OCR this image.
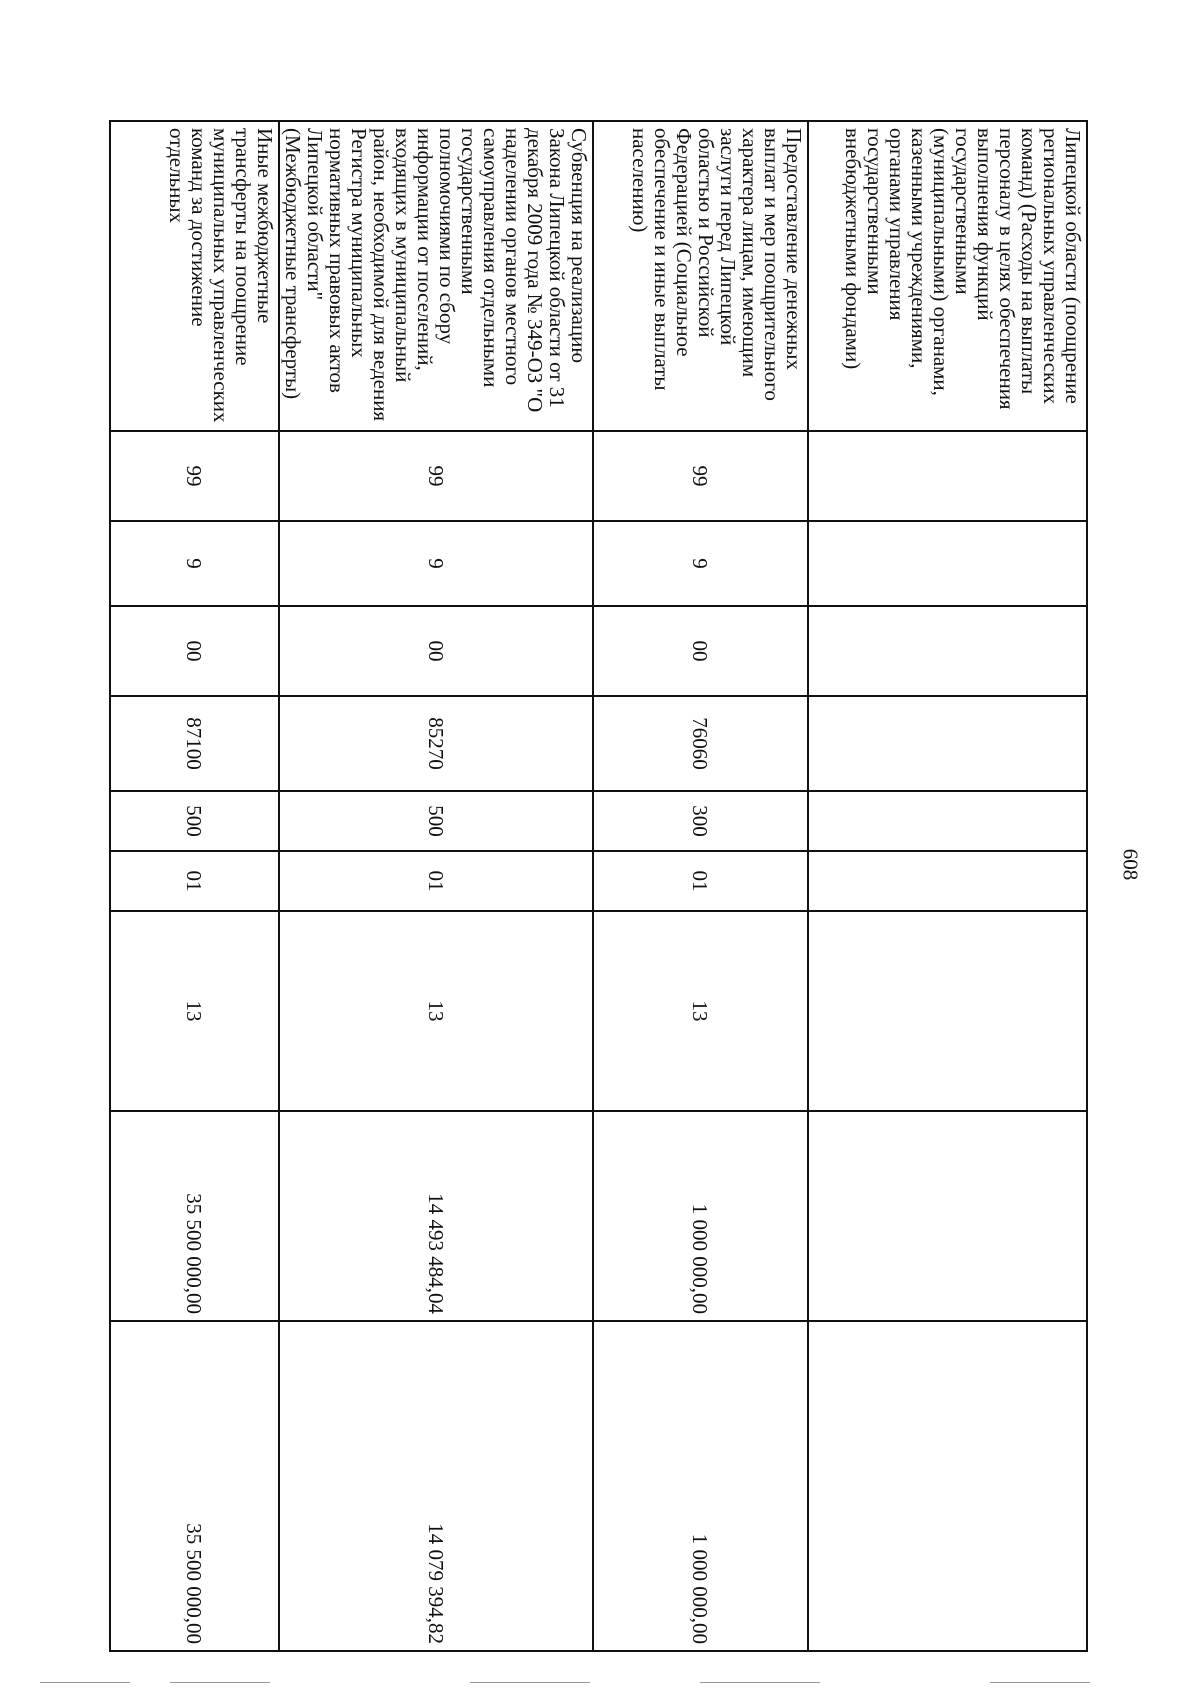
608
Липецкой области (поощрение региональных управленческих команд) (Расходы на выплаты персоналу в целях обеспечения выполнения функций государственными (муниципальными) органами, казенными учреждениями, органами управления государственными внебюджетными фондами)										
Предоставление денежных выплат и мер поощрительного характера лицам, имеющим заслуги перед Липецкой областью и Российской Федерацией (Социальное обеспечение и иные выплаты населению)	99	9	00	76060	300	01	13	1 000 000,00	1 000 000,00	
Субвенция на реализацию Закона Липецкой области от 31 декабря 2009 года № 349-ОЗ "О наделении органов местного самоуправления отдельными государственными полномочиями по сбору информации от поселений, входящих в муниципальный район, необходимой для ведения Регистра муниципальных нормативных правовых актов Липецкой области" (Межбюджетные трансферты)	99	9	00	85270	500	01	13	14 493 484,04	14 079 394,82	
Иные межбюджетные трансферты на поощрение муниципальных управленческих команд за достижение отдельных	99	9	00	87100	500	01	13	35 500 000,00	35 500 000,00	
